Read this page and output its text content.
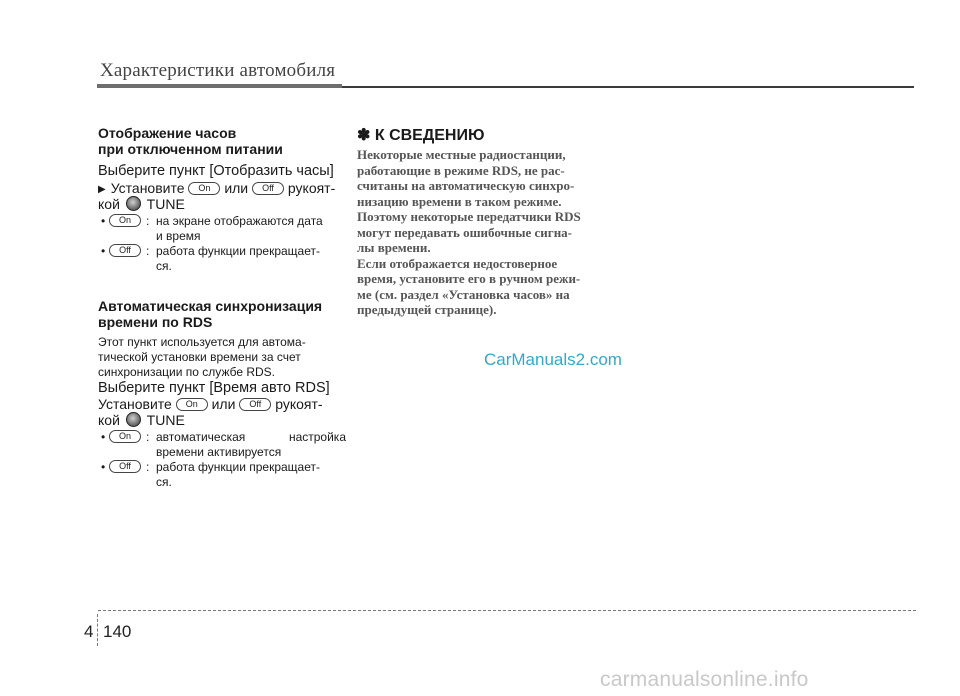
Характеристики автомобиля
Отображение часов
при отключенном питании
Выберите пункт [Отобразить часы]
▶ Установите On или Off рукоят-
кой TUNE
•	On	: на экране отображаются дата
и время
•	Off	: работа функции прекращает-
ся.
Автоматическая синхронизация
времени по RDS
Этот пункт используется для автома-
тической установки времени за счет
синхронизации по службе RDS.
Выберите пункт [Время авто RDS]
Установите On или Off рукоят-
кой TUNE
•	On	: автоматическая настройка
времени активируется
•	Off	: работа функции прекращает-
ся.
✽ К СВЕДЕНИЮ
Некоторые местные радиостанции,
работающие в режиме RDS, не рас-
считаны на автоматическую синхро-
низацию времени в таком режиме.
Поэтому некоторые передатчики RDS
могут передавать ошибочные сигна-
лы времени.
Если отображается недостоверное
время, установите его в ручном режи-
ме (см. раздел «Установка часов» на
предыдущей странице).
CarManuals2.com
4 140
carmanualsonline.info
